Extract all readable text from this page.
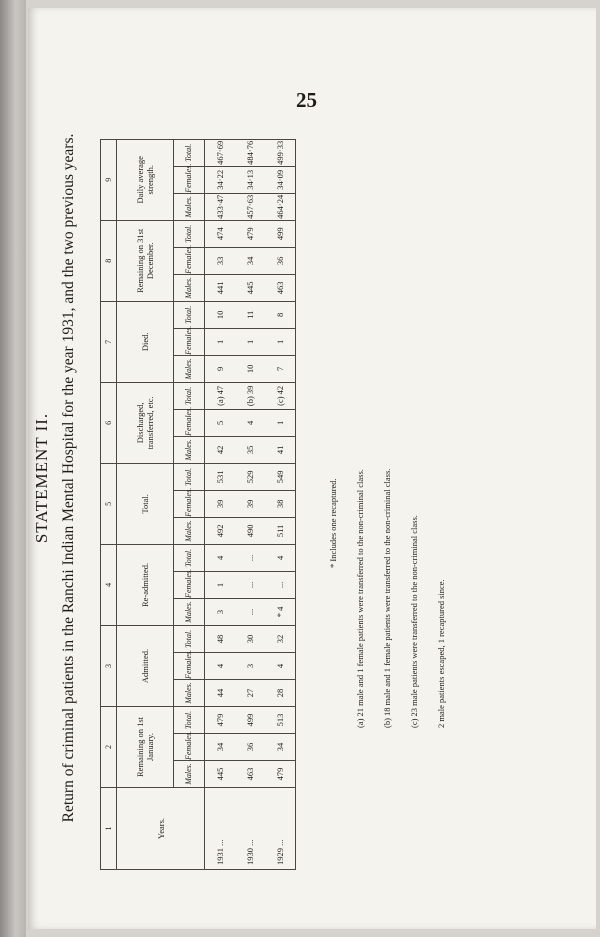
25
STATEMENT II. Return of criminal patients in the Ranchi Indian Mental Hospital for the year 1931, and the two previous years.
1	2			3			4			5			6			7			8			9		
Years.	Remaining on 1st January.			Admitted.			Re-admitted.			Total.			Discharged, transferred, etc.			Died.			Remaining on 31st December.			Daily average strength.		
	Males.	Females.	Total.	Males.	Females.	Total.	Males.	Females.	Total.	Males.	Females.	Total.	Males.	Females.	Total.	Males.	Females.	Total.	Males.	Females.	Total.	Males.	Females.	Total.
1931 ...	445	34	479	44	4	48	3	1	4	492	39	531	42	5	(a) 47	9	1	10	441	33	474	433·47	34·22	467·69
1930 ...	463	36	499	27	3	30	...	...	...	490	39	529	35	4	(b) 39	10	1	11	445	34	479	457·63	34·13	484·76
1929 ...	479	34	513	28	4	32	* 4	...	4	511	38	549	41	1	(c) 42	7	1	8	463	36	499	464·24	34·09	499·33

* Includes one recaptured. (a) 21 male and 1 female patients were transferred to the non-criminal class. (b) 18 male and 1 female patients were transferred to the non-criminal class. (c) 23 male patients were transferred to the non-criminal class. 2 male patients escaped, 1 recaptured since.
